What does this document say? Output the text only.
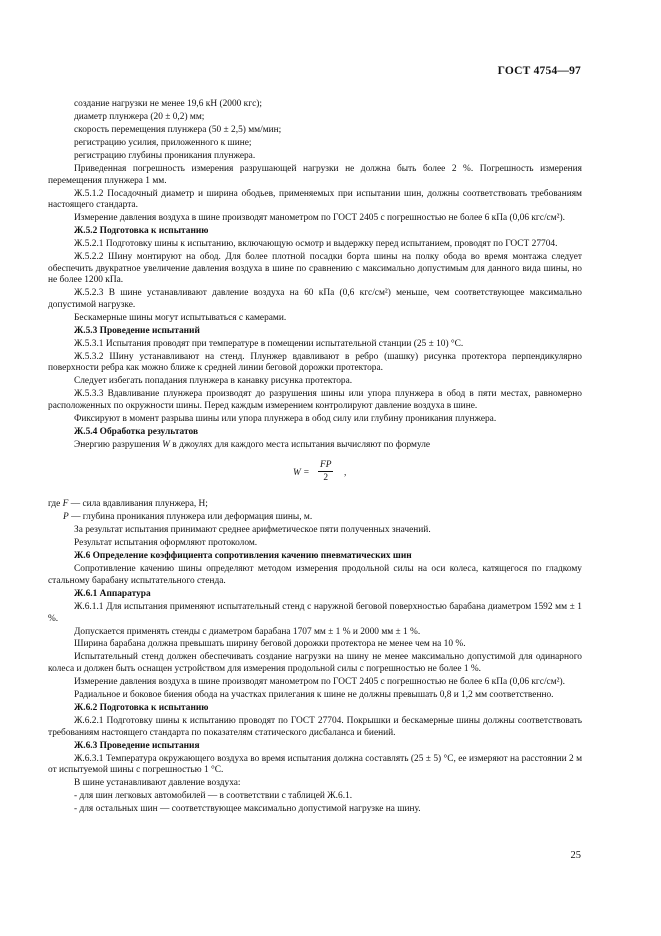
ГОСТ 4754—97
создание нагрузки не менее 19,6 кН (2000 кгс);
диаметр плунжера (20 ± 0,2) мм;
скорость перемещения плунжера (50 ± 2,5) мм/мин;
регистрацию усилия, приложенного к шине;
регистрацию глубины проникания плунжера.
Приведенная погрешность измерения разрушающей нагрузки не должна быть более 2 %. Погрешность измерения перемещения плунжера 1 мм.
Ж.5.1.2 Посадочный диаметр и ширина ободьев, применяемых при испытании шин, должны соответствовать требованиям настоящего стандарта.
Измерение давления воздуха в шине производят манометром по ГОСТ 2405 с погрешностью не более 6 кПа (0,06 кгс/см²).
Ж.5.2 Подготовка к испытанию
Ж.5.2.1 Подготовку шины к испытанию, включающую осмотр и выдержку перед испытанием, проводят по ГОСТ 27704.
Ж.5.2.2 Шину монтируют на обод. Для более плотной посадки борта шины на полку обода во время монтажа следует обеспечить двукратное увеличение давления воздуха в шине по сравнению с максимально допустимым для данного вида шины, но не более 1200 кПа.
Ж.5.2.3 В шине устанавливают давление воздуха на 60 кПа (0,6 кгс/см²) меньше, чем соответствующее максимально допустимой нагрузке.
Бескамерные шины могут испытываться с камерами.
Ж.5.3 Проведение испытаний
Ж.5.3.1 Испытания проводят при температуре в помещении испытательной станции (25 ± 10) °С.
Ж.5.3.2 Шину устанавливают на стенд. Плунжер вдавливают в ребро (шашку) рисунка протектора перпендикулярно поверхности ребра как можно ближе к средней линии беговой дорожки протектора.
Следует избегать попадания плунжера в канавку рисунка протектора.
Ж.5.3.3 Вдавливание плунжера производят до разрушения шины или упора плунжера в обод в пяти местах, равномерно расположенных по окружности шины. Перед каждым измерением контролируют давление воздуха в шине.
Фиксируют в момент разрыва шины или упора плунжера в обод силу или глубину проникания плунжера.
Ж.5.4 Обработка результатов
Энергию разрушения W в джоулях для каждого места испытания вычисляют по формуле
$W = \frac{FP}{2}$ ,
где F — сила вдавливания плунжера, Н;
P — глубина проникания плунжера или деформация шины, м.
За результат испытания принимают среднее арифметическое пяти полученных значений.
Результат испытания оформляют протоколом.
Ж.6 Определение коэффициента сопротивления качению пневматических шин
Сопротивление качению шины определяют методом измерения продольной силы на оси колеса, катящегося по гладкому стальному барабану испытательного стенда.
Ж.6.1 Аппаратура
Ж.6.1.1 Для испытания применяют испытательный стенд с наружной беговой поверхностью барабана диаметром 1592 мм ± 1 %.
Допускается применять стенды с диаметром барабана 1707 мм ± 1 % и 2000 мм ± 1 %.
Ширина барабана должна превышать ширину беговой дорожки протектора не менее чем на 10 %.
Испытательный стенд должен обеспечивать создание нагрузки на шину не менее максимально допустимой для одинарного колеса и должен быть оснащен устройством для измерения продольной силы с погрешностью не более 1 %.
Измерение давления воздуха в шине производят манометром по ГОСТ 2405 с погрешностью не более 6 кПа (0,06 кгс/см²).
Радиальное и боковое биения обода на участках прилегания к шине не должны превышать 0,8 и 1,2 мм соответственно.
Ж.6.2 Подготовка к испытанию
Ж.6.2.1 Подготовку шины к испытанию проводят по ГОСТ 27704. Покрышки и бескамерные шины должны соответствовать требованиям настоящего стандарта по показателям статического дисбаланса и биений.
Ж.6.3 Проведение испытания
Ж.6.3.1 Температура окружающего воздуха во время испытания должна составлять (25 ± 5) °С, ее измеряют на расстоянии 2 м от испытуемой шины с погрешностью 1 °С.
В шине устанавливают давление воздуха:
- для шин легковых автомобилей — в соответствии с таблицей Ж.6.1.
- для остальных шин — соответствующее максимально допустимой нагрузке на шину.
25
